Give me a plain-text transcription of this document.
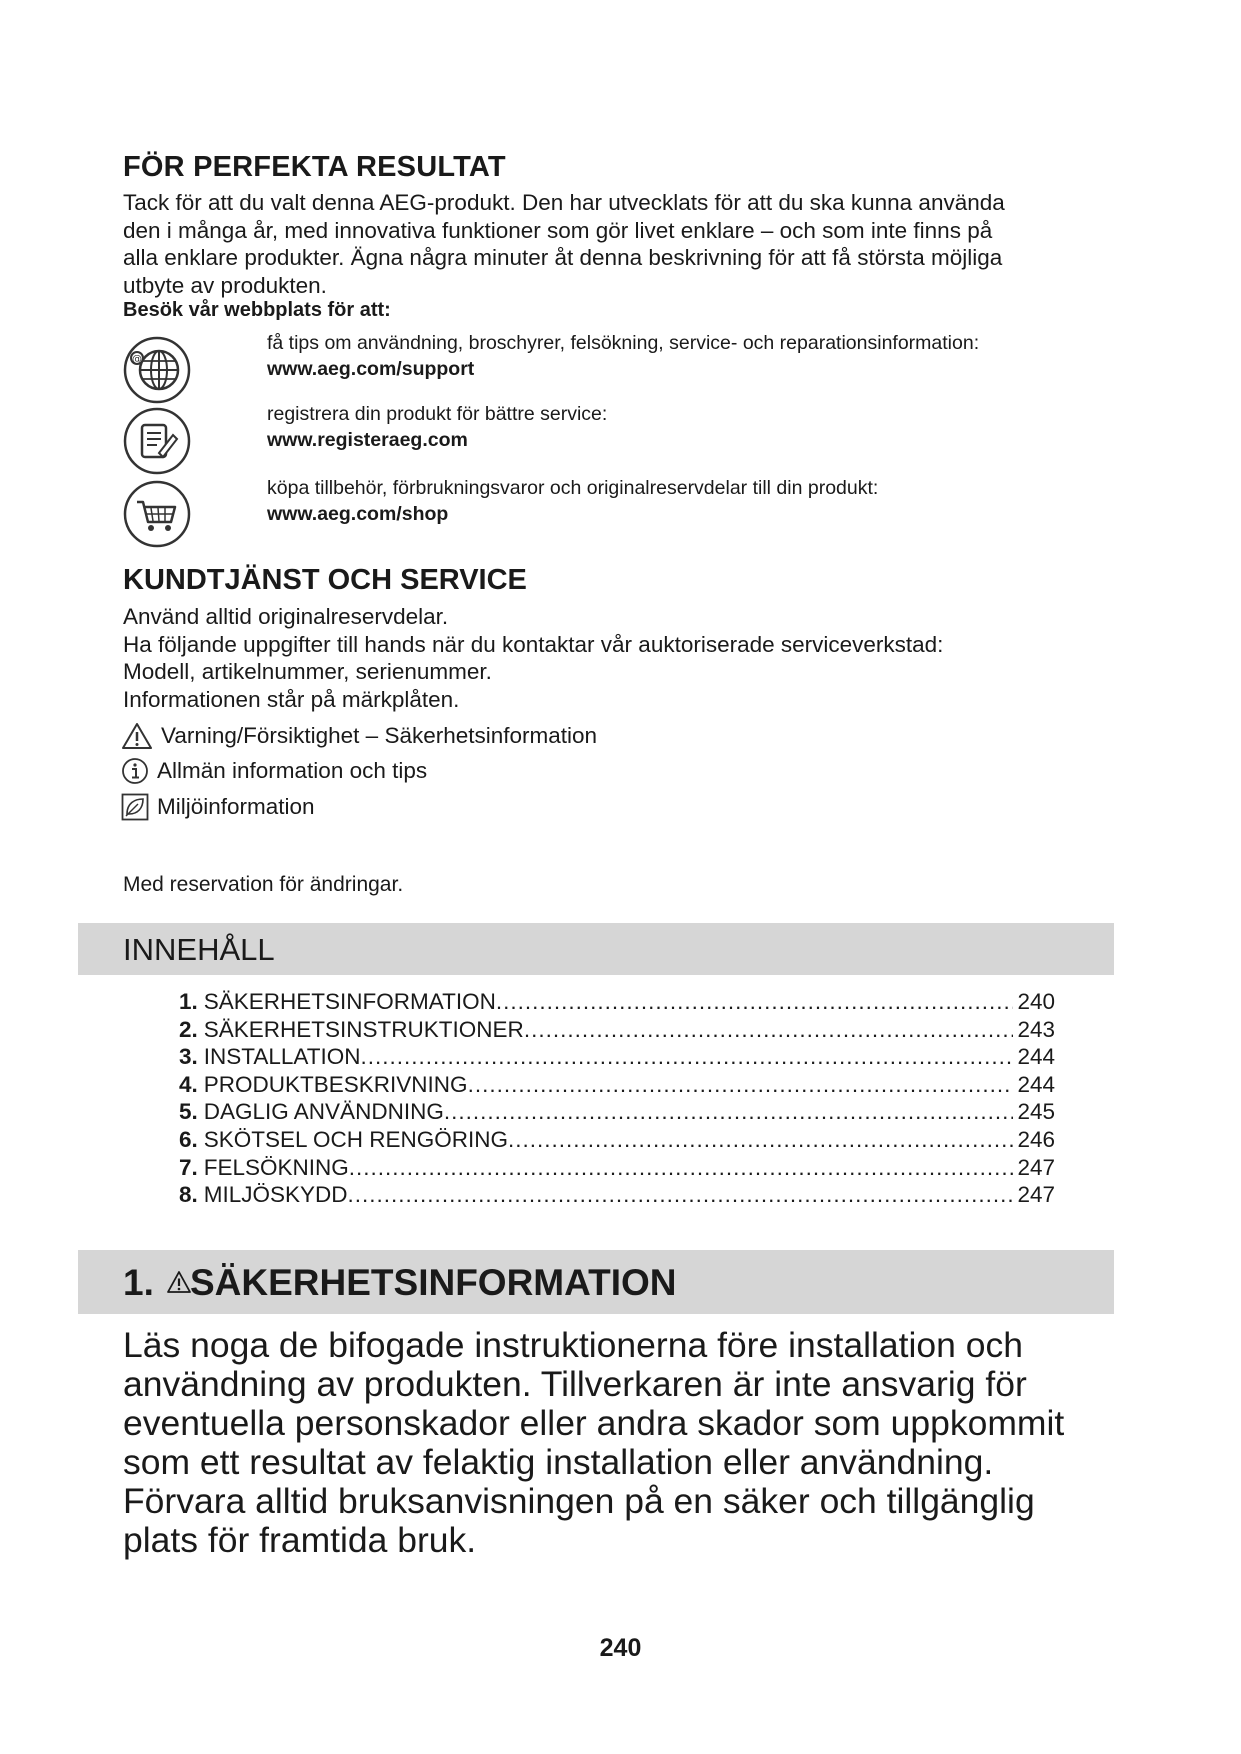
FÖR PERFEKTA RESULTAT

Tack för att du valt denna AEG-produkt. Den har utvecklats för att du ska kunna använda
den i många år, med innovativa funktioner som gör livet enklare – och som inte finns på
alla enklare produkter. Ägna några minuter åt denna beskrivning för att få största möjliga
utbyte av produkten.

Besök vår webbplats för att:

@
få tips om användning, broschyrer, felsökning, service- och reparationsinformation:
www.aeg.com/support
registrera din produkt för bättre service:
www.registeraeg.com
köpa tillbehör, förbrukningsvaror och originalreservdelar till din produkt:
www.aeg.com/shop
KUNDTJÄNST OCH SERVICE

Använd alltid originalreservdelar.
Ha följande uppgifter till hands när du kontaktar vår auktoriserade serviceverkstad:
Modell, artikelnummer, serienummer.
Informationen står på märkplåten.

Varning/Försiktighet – Säkerhetsinformation
Allmän information och tips
Miljöinformation

Med reservation för ändringar.

INNEHÅLL
1. SÄKERHETSINFORMATION .....	240
2. SÄKERHETSINSTRUKTIONER .....	243
3. INSTALLATION .....	244
4. PRODUKTBESKRIVNING .....	244
5. DAGLIG ANVÄNDNING .....	245
6. SKÖTSEL OCH RENGÖRING .....	246
7. FELSÖKNING .....	247
8. MILJÖSKYDD .....	247
1. SÄKERHETSINFORMATION

Läs noga de bifogade instruktionerna före installation och
användning av produkten. Tillverkaren är inte ansvarig för
eventuella personskador eller andra skador som uppkommit
som ett resultat av felaktig installation eller användning.
Förvara alltid bruksanvisningen på en säker och tillgänglig
plats för framtida bruk.

240
